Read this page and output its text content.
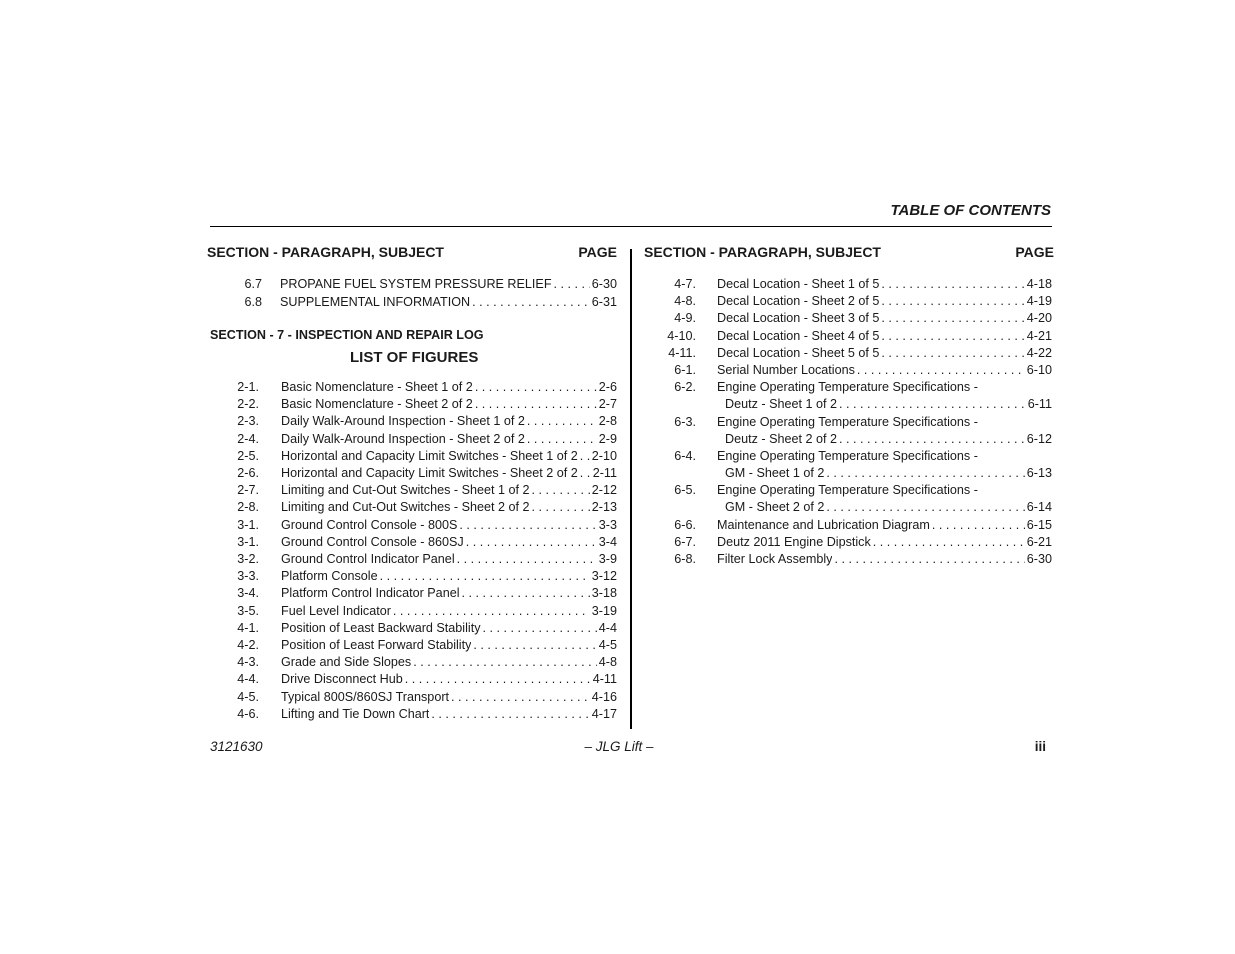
TABLE OF CONTENTS
SECTION - PARAGRAPH, SUBJECT	PAGE SECTION - PARAGRAPH, SUBJECT	PAGE
6.7 PROPANE FUEL SYSTEM PRESSURE RELIEF . . .	6-30
6.8 SUPPLEMENTAL INFORMATION . . .	6-31
SECTION - 7 - INSPECTION AND REPAIR LOG
LIST OF FIGURES
2-1. Basic Nomenclature - Sheet 1 of 2 . . .	2-6
2-2. Basic Nomenclature - Sheet 2 of 2 . . .	2-7
2-3. Daily Walk-Around Inspection - Sheet 1 of 2 . . .	2-8
2-4. Daily Walk-Around Inspection - Sheet 2 of 2 . . .	2-9
2-5. Horizontal and Capacity Limit Switches - Sheet 1 of 2 . . . 2-10
2-6. Horizontal and Capacity Limit Switches - Sheet 2 of 2 . . . 2-11
2-7. Limiting and Cut-Out Switches - Sheet 1 of 2 . . .	2-12
2-8. Limiting and Cut-Out Switches - Sheet 2 of 2 . . .	2-13
3-1. Ground Control Console - 800S . . .	3-3
3-1. Ground Control Console - 860SJ . . .	3-4
3-2. Ground Control Indicator Panel . . .	3-9
3-3. Platform Console . . .	3-12
3-4. Platform Control Indicator Panel . . .	3-18
3-5. Fuel Level Indicator . . .	3-19
4-1. Position of Least Backward Stability . . .	4-4
4-2. Position of Least Forward Stability . . .	4-5
4-3. Grade and Side Slopes . . .	4-8
4-4. Drive Disconnect Hub . . .	4-11
4-5. Typical 800S/860SJ Transport . . .	4-16
4-6. Lifting and Tie Down Chart . . .	4-17
4-7. Decal Location - Sheet 1 of 5 . . .	4-18
4-8. Decal Location - Sheet 2 of 5 . . .	4-19
4-9. Decal Location - Sheet 3 of 5 . . .	4-20
4-10. Decal Location - Sheet 4 of 5 . . .	4-21
4-11. Decal Location - Sheet 5 of 5 . . .	4-22
6-1. Serial Number Locations . . .	6-10
6-2. Engine Operating Temperature Specifications -
Deutz - Sheet 1 of 2 . . .	6-11
6-3. Engine Operating Temperature Specifications -
Deutz - Sheet 2 of 2 . . .	6-12
6-4. Engine Operating Temperature Specifications -
GM - Sheet 1 of 2 . . .	6-13
6-5. Engine Operating Temperature Specifications -
GM - Sheet 2 of 2 . . .	6-14
6-6. Maintenance and Lubrication Diagram . . .	6-15
6-7. Deutz 2011 Engine Dipstick . . .	6-21
6-8. Filter Lock Assembly . . .	6-30
3121630	– JLG Lift –	iii
